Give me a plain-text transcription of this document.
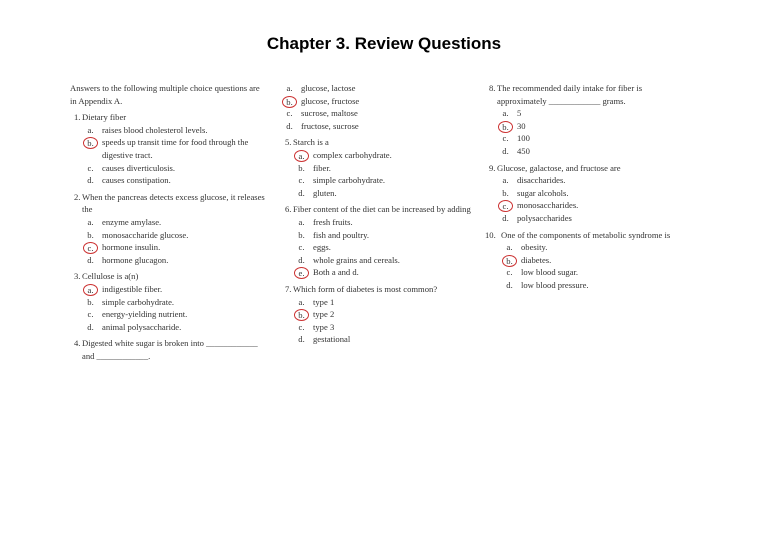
Chapter 3. Review Questions
Answers to the following multiple choice questions are in Appendix A.
1. Dietary fiber
a. raises blood cholesterol levels.
b. speeds up transit time for food through the digestive tract.
c. causes diverticulosis.
d. causes constipation.
2. When the pancreas detects excess glucose, it releases the
a. enzyme amylase.
b. monosaccharide glucose.
c. hormone insulin.
d. hormone glucagon.
3. Cellulose is a(n)
a. indigestible fiber.
b. simple carbohydrate.
c. energy-yielding nutrient.
d. animal polysaccharide.
4. Digested white sugar is broken into ____________ and ____________.
a. glucose, lactose
b. glucose, fructose
c. sucrose, maltose
d. fructose, sucrose
5. Starch is a
a. complex carbohydrate.
b. fiber.
c. simple carbohydrate.
d. gluten.
6. Fiber content of the diet can be increased by adding
a. fresh fruits.
b. fish and poultry.
c. eggs.
d. whole grains and cereals.
e. Both a and d.
7. Which form of diabetes is most common?
a. type 1
b. type 2
c. type 3
d. gestational
8. The recommended daily intake for fiber is approximately ____________ grams.
a. 5
b. 30
c. 100
d. 450
9. Glucose, galactose, and fructose are
a. disaccharides.
b. sugar alcohols.
c. monosaccharides.
d. polysaccharides
10. One of the components of metabolic syndrome is
a. obesity.
b. diabetes.
c. low blood sugar.
d. low blood pressure.
